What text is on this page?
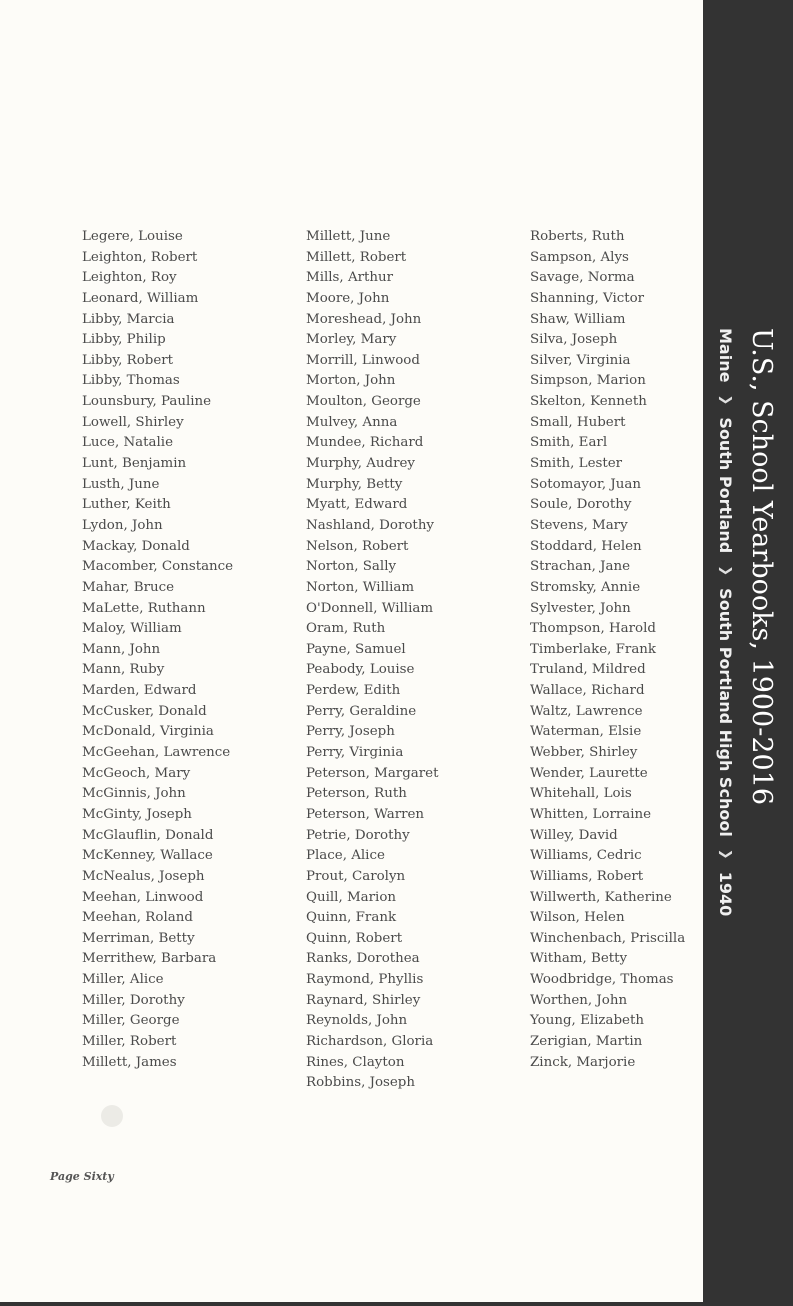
Legere, Louise
Leighton, Robert
Leighton, Roy
Leonard, William
Libby, Marcia
Libby, Philip
Libby, Robert
Libby, Thomas
Lounsbury, Pauline
Lowell, Shirley
Luce, Natalie
Lunt, Benjamin
Lusth, June
Luther, Keith
Lydon, John
Mackay, Donald
Macomber, Constance
Mahar, Bruce
MaLette, Ruthann
Maloy, William
Mann, John
Mann, Ruby
Marden, Edward
McCusker, Donald
McDonald, Virginia
McGeehan, Lawrence
McGeoch, Mary
McGinnis, John
McGinty, Joseph
McGlauflin, Donald
McKenney, Wallace
McNealus, Joseph
Meehan, Linwood
Meehan, Roland
Merriman, Betty
Merrithew, Barbara
Miller, Alice
Miller, Dorothy
Miller, George
Miller, Robert
Millett, James
Millett, June
Millett, Robert
Mills, Arthur
Moore, John
Moreshead, John
Morley, Mary
Morrill, Linwood
Morton, John
Moulton, George
Mulvey, Anna
Mundee, Richard
Murphy, Audrey
Murphy, Betty
Myatt, Edward
Nashland, Dorothy
Nelson, Robert
Norton, Sally
Norton, William
O'Donnell, William
Oram, Ruth
Payne, Samuel
Peabody, Louise
Perdew, Edith
Perry, Geraldine
Perry, Joseph
Perry, Virginia
Peterson, Margaret
Peterson, Ruth
Peterson, Warren
Petrie, Dorothy
Place, Alice
Prout, Carolyn
Quill, Marion
Quinn, Frank
Quinn, Robert
Ranks, Dorothea
Raymond, Phyllis
Raynard, Shirley
Reynolds, John
Richardson, Gloria
Rines, Clayton
Robbins, Joseph
Roberts, Ruth
Sampson, Alys
Savage, Norma
Shanning, Victor
Shaw, William
Silva, Joseph
Silver, Virginia
Simpson, Marion
Skelton, Kenneth
Small, Hubert
Smith, Earl
Smith, Lester
Sotomayor, Juan
Soule, Dorothy
Stevens, Mary
Stoddard, Helen
Strachan, Jane
Stromsky, Annie
Sylvester, John
Thompson, Harold
Timberlake, Frank
Truland, Mildred
Wallace, Richard
Waltz, Lawrence
Waterman, Elsie
Webber, Shirley
Wender, Laurette
Whitehall, Lois
Whitten, Lorraine
Willey, David
Williams, Cedric
Williams, Robert
Willwerth, Katherine
Wilson, Helen
Winchenbach, Priscilla
Witham, Betty
Woodbridge, Thomas
Worthen, John
Young, Elizabeth
Zerigian, Martin
Zinck, Marjorie
Page Sixty
U.S., School Yearbooks, 1900-2016
Maine
❯
South Portland
❯
South Portland High School
❯
1940
